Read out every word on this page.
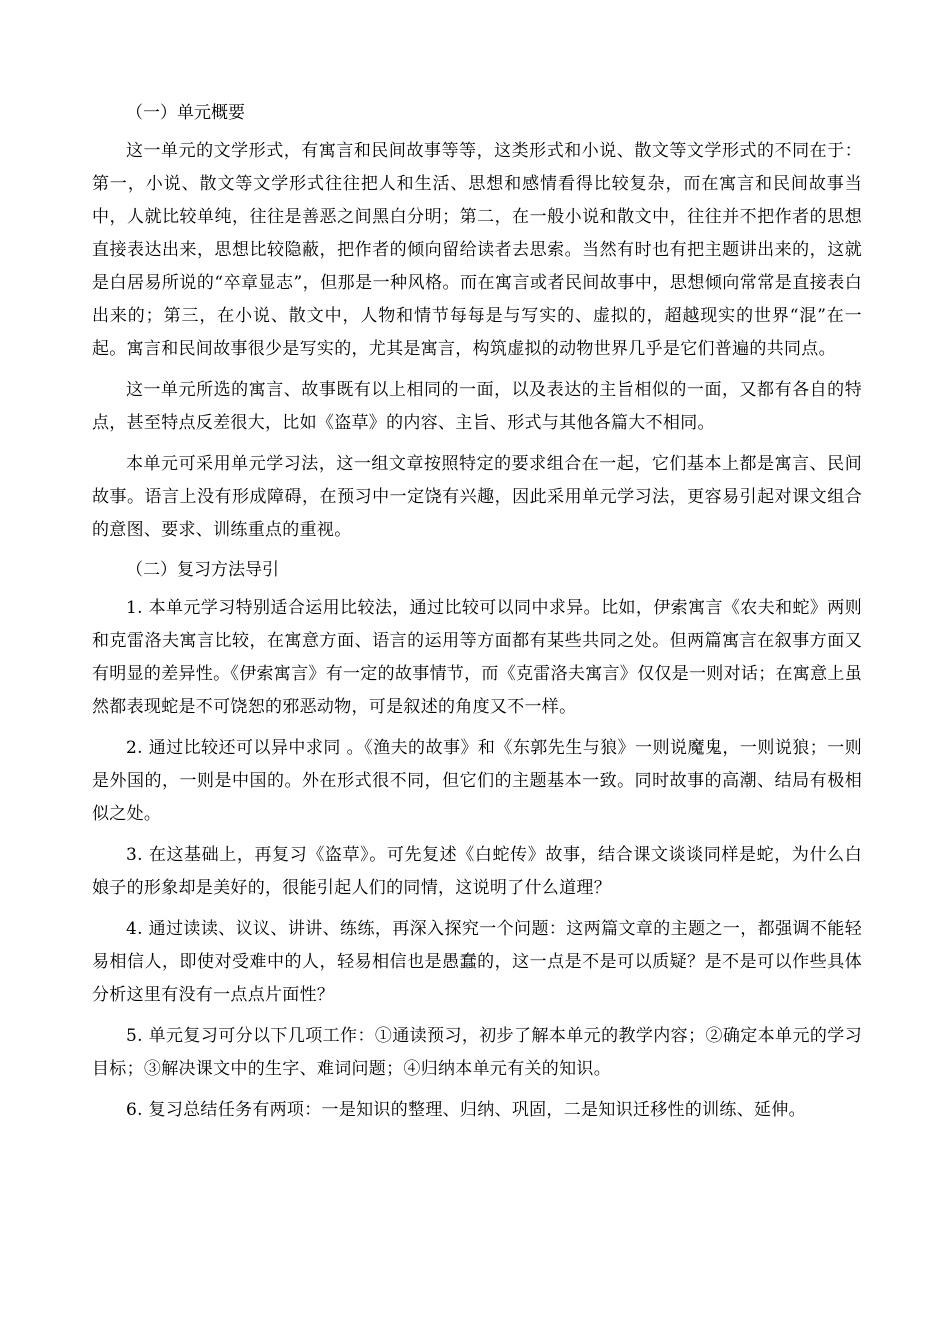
（一）单元概要

这一单元的文学形式，有寓言和民间故事等等，这类形式和小说、散文等文学形式的不同在于：第一，小说、散文等文学形式往往把人和生活、思想和感情看得比较复杂，而在寓言和民间故事当中，人就比较单纯，往往是善恶之间黑白分明；第二，在一般小说和散文中，往往并不把作者的思想直接表达出来，思想比较隐蔽，把作者的倾向留给读者去思索。当然有时也有把主题讲出来的，这就是白居易所说的“卒章显志”，但那是一种风格。而在寓言或者民间故事中，思想倾向常常是直接表白出来的；第三，在小说、散文中，人物和情节每每是与写实的、虚拟的，超越现实的世界“混”在一起。寓言和民间故事很少是写实的，尤其是寓言，构筑虚拟的动物世界几乎是它们普遍的共同点。

这一单元所选的寓言、故事既有以上相同的一面，以及表达的主旨相似的一面，又都有各自的特点，甚至特点反差很大，比如《盗草》的内容、主旨、形式与其他各篇大不相同。

本单元可采用单元学习法，这一组文章按照特定的要求组合在一起，它们基本上都是寓言、民间故事。语言上没有形成障碍，在预习中一定饶有兴趣，因此采用单元学习法，更容易引起对课文组合的意图、要求、训练重点的重视。

（二）复习方法导引

1. 本单元学习特别适合运用比较法，通过比较可以同中求异。比如，伊索寓言《农夫和蛇》两则和克雷洛夫寓言比较，在寓意方面、语言的运用等方面都有某些共同之处。但两篇寓言在叙事方面又有明显的差异性。《伊索寓言》有一定的故事情节，而《克雷洛夫寓言》仅仅是一则对话；在寓意上虽然都表现蛇是不可饶恕的邪恶动物，可是叙述的角度又不一样。

2. 通过比较还可以异中求同 。《渔夫的故事》和《东郭先生与狼》一则说魔鬼，一则说狼；一则是外国的，一则是中国的。外在形式很不同，但它们的主题基本一致。同时故事的高潮、结局有极相似之处。

3. 在这基础上，再复习《盗草》。可先复述《白蛇传》故事，结合课文谈谈同样是蛇，为什么白娘子的形象却是美好的，很能引起人们的同情，这说明了什么道理？

4. 通过读读、议议、讲讲、练练，再深入探究一个问题：这两篇文章的主题之一，都强调不能轻易相信人，即使对受难中的人，轻易相信也是愚蠢的，这一点是不是可以质疑？是不是可以作些具体分析这里有没有一点点片面性？

5. 单元复习可分以下几项工作：①通读预习，初步了解本单元的教学内容；②确定本单元的学习目标；③解决课文中的生字、难词问题；④归纳本单元有关的知识。

6. 复习总结任务有两项：一是知识的整理、归纳、巩固，二是知识迁移性的训练、延伸。
